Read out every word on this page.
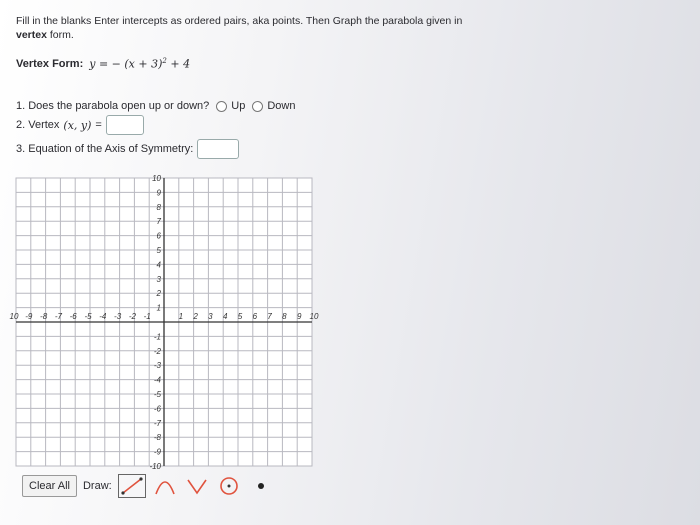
Fill in the blanks Enter intercepts as ordered pairs, aka points. Then Graph the parabola given in
vertex form.
Vertex Form: y = − $(x + 3)^2 + 4$
1. Does the parabola open up or down? Up Down
2. Vertex (x, y) =
3. Equation of the Axis of Symmetry:
10 -9 -8 -7 -6 -5 -4 -3 -2 -1	1 2 3 4 5 6 7 8 9 10
10
9
8
7
6
5
4
3
2
1
-1
-2
-3
-4
-5
-6
-7
-8
-9
-10
Clear All	Draw:
